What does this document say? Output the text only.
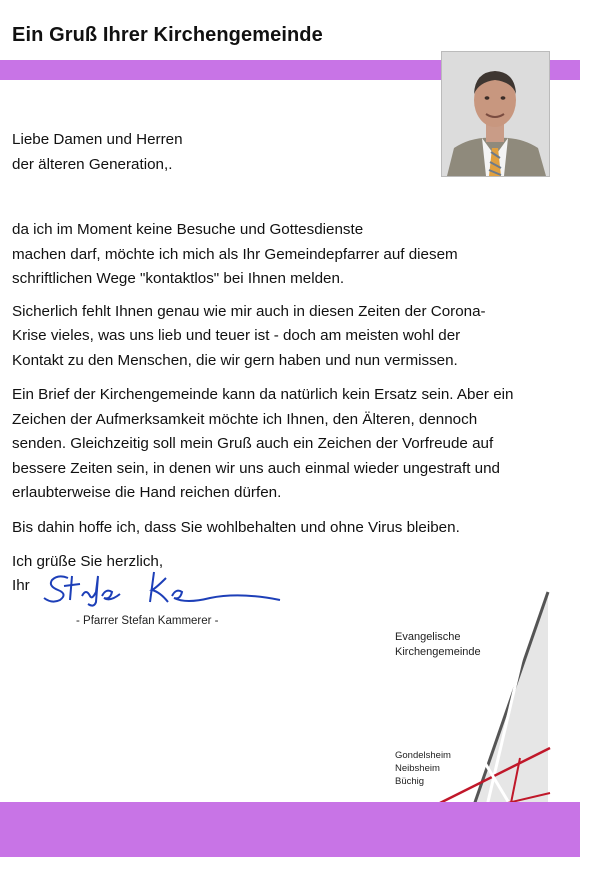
Ein Gruß Ihrer Kirchengemeinde

Liebe Damen und Herren

der älteren Generation,.

da ich im Moment keine Besuche und Gottesdienste
machen darf, möchte ich mich als Ihr Gemeindepfarrer auf diesem
schriftlichen Wege "kontaktlos" bei Ihnen melden.

Sicherlich fehlt Ihnen genau wie mir auch in diesen Zeiten der Corona-
Krise vieles, was uns lieb und teuer ist - doch am meisten wohl der
Kontakt zu den Menschen, die wir gern haben und nun vermissen.

Ein Brief der Kirchengemeinde kann da natürlich kein Ersatz sein. Aber ein
Zeichen der Aufmerksamkeit möchte ich Ihnen, den Älteren, dennoch
senden. Gleichzeitig soll mein Gruß auch ein Zeichen der Vorfreude auf
bessere Zeiten sein, in denen wir uns auch einmal wieder ungestraft und
erlaubterweise die Hand reichen dürfen.

Bis dahin hoffe ich, dass Sie wohlbehalten und ohne Virus bleiben.

Ich grüße Sie herzlich,

Ihr
- Pfarrer Stefan Kammerer -
Evangelische
Kirchengemeinde
Gondelsheim
Neibsheim
Büchig
